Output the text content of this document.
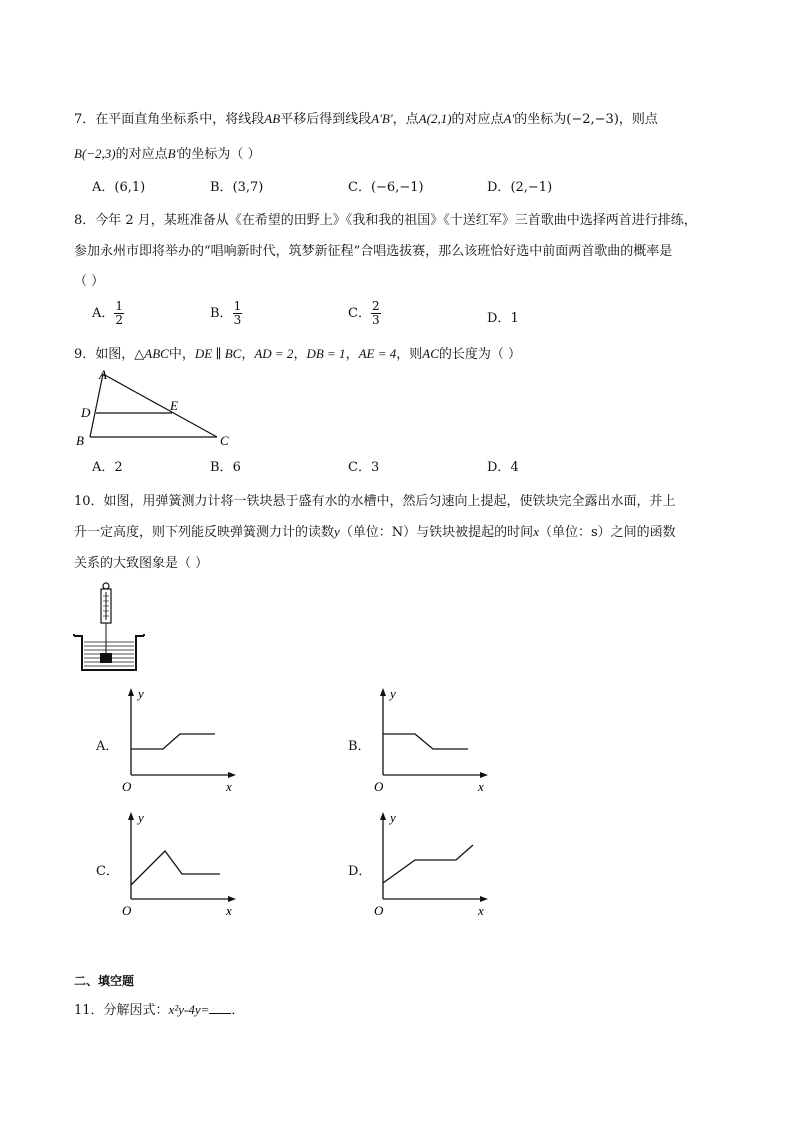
7．在平面直角坐标系中，将线段AB平移后得到线段A'B'，点A(2,1)的对应点A'的坐标为(−2,−3)，则点
B(−2,3)的对应点B'的坐标为（ ）
A．(6,1)	B．(3,7)	C．(−6,−1)	D．(2,−1)
8．今年 2 月，某班准备从《在希望的田野上》《我和我的祖国》《十送红军》三首歌曲中选择两首进行排练，
参加永州市即将举办的“唱响新时代，筑梦新征程”合唱选拔赛，那么该班恰好选中前面两首歌曲的概率是
（ ）
A． $\frac{1}{2}$	B． $\frac{1}{3}$	C． $\frac{2}{3}$	D．1
9．如图，△ABC中，DE ∥ BC，AD = 2，DB = 1，AE = 4，则AC的长度为（ ）
A
D	E
B	C
A．2	B．6	C．3	D．4
10．如图，用弹簧测力计将一铁块悬于盛有水的水槽中，然后匀速向上提起，使铁块完全露出水面，并上
升一定高度，则下列能反映弹簧测力计的读数y（单位：N）与铁块被提起的时间x（单位：s）之间的函数
关系的大致图象是（ ）
A．
y
O	x
B．
y
O	x
C．
y
O	x
D．
y
O	x
二、填空题
11．分解因式：x²y-4y= ．
